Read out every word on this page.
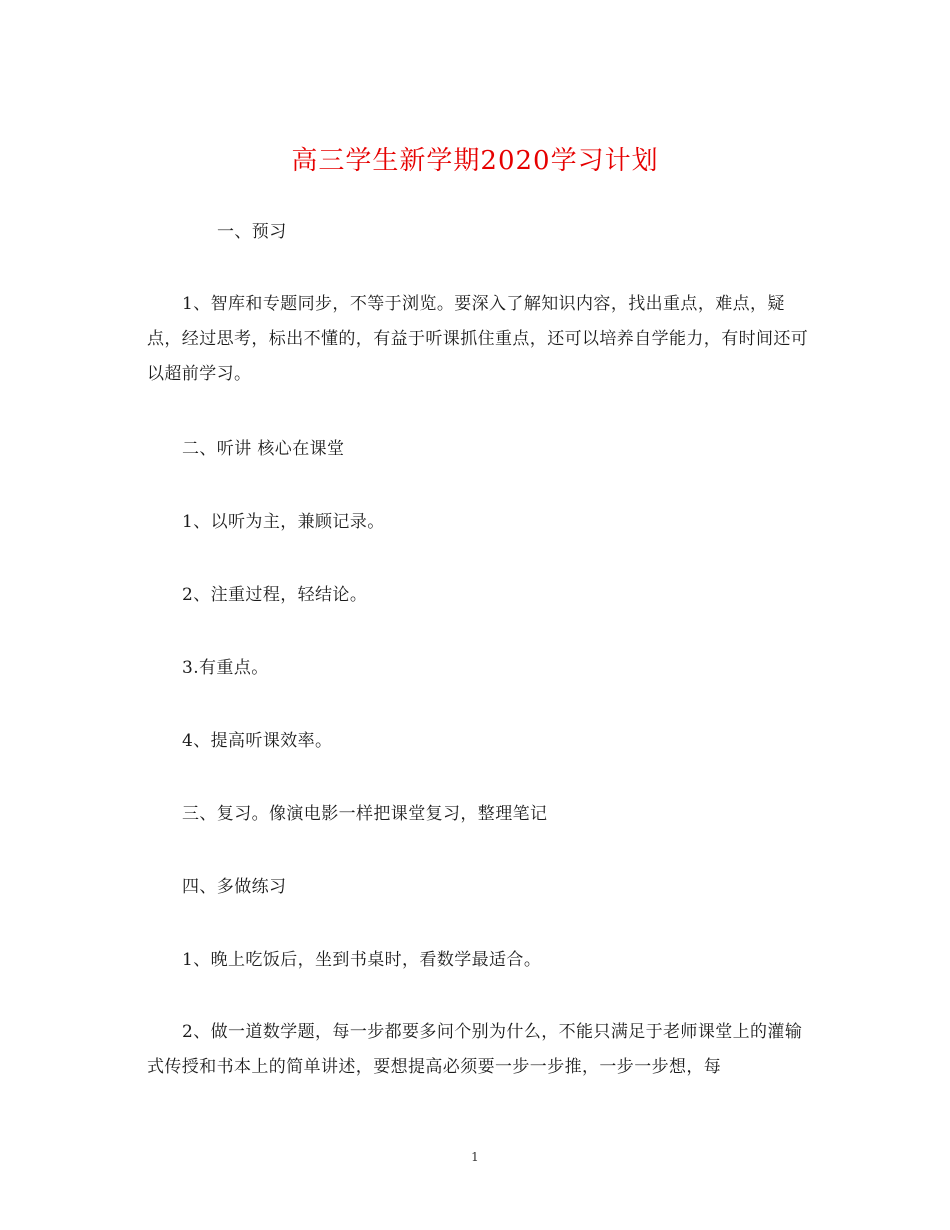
高三学生新学期2020学习计划

一、预习

1、智库和专题同步，不等于浏览。要深入了解知识内容，找出重点，难点，疑点，经过思考，标出不懂的，有益于听课抓住重点，还可以培养自学能力，有时间还可以超前学习。

二、听讲 核心在课堂

1、以听为主，兼顾记录。

2、注重过程，轻结论。

3.有重点。

4、提高听课效率。

三、复习。像演电影一样把课堂复习，整理笔记

四、多做练习

1、晚上吃饭后，坐到书桌时，看数学最适合。

2、做一道数学题，每一步都要多问个别为什么，不能只满足于老师课堂上的灌输式传授和书本上的简单讲述，要想提高必须要一步一步推，一步一步想，每

1
